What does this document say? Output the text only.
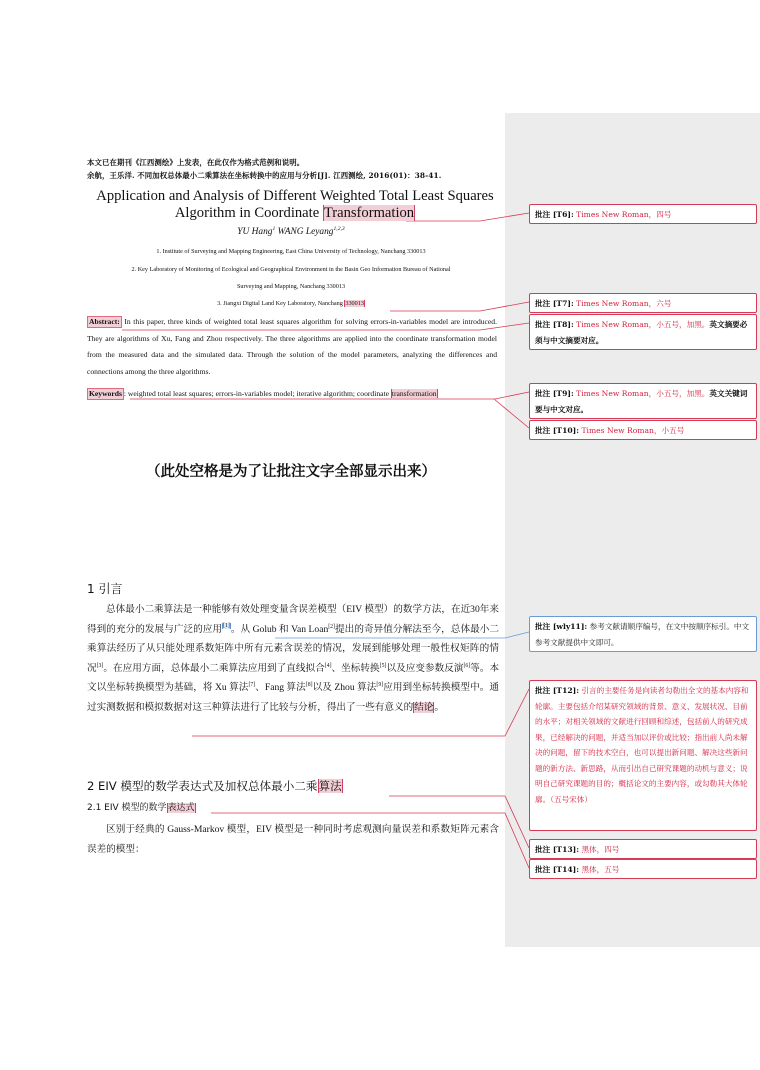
本文已在期刊《江西测绘》上发表，在此仅作为格式范例和说明。
余航，王乐洋. 不同加权总体最小二乘算法在坐标转换中的应用与分析[J]. 江西测绘, 2016(01)：38-41.
Application and Analysis of Different Weighted Total Least Squares
Algorithm in Coordinate Transformation
YU Hang$^1$ WANG Leyang$^{1,2,3}$
1. Institute of Surveying and Mapping Engineering, East China University of Technology, Nanchang 330013
2. Key Laboratory of Monitoring of Ecological and Geographical Environment in the Basin Geo Information Bureau of National
Surveying and Mapping, Nanchang 330013
3. Jiangxi Digital Land Key Laboratory, Nanchang 330013
Abstract: In this paper, three kinds of weighted total least squares algorithm for solving errors-in-variables model are introduced. They are algorithms of Xu, Fang and Zhou respectively. The three algorithms are applied into the coordinate transformation model from the measured data and the simulated data. Through the solution of the model parameters, analyzing the differences and connections among the three algorithms.
Keywords : weighted total least squares; errors-in-variables model; iterative algorithm; coordinate transformation
（此处空格是为了让批注文字全部显示出来）
1 引言
总体最小二乘算法是一种能够有效处理变量含误差模型（EIV 模型）的数学方法，在近30年来得到的充分的发展与广泛的应用[1]。从 Golub 和 Van Loan[2]提出的奇异值分解法至今，总体最小二乘算法经历了从只能处理系数矩阵中所有元素含误差的情况，发展到能够处理一般性权矩阵的情况[3]。在应用方面，总体最小二乘算法应用到了直线拟合[4]、坐标转换[5]以及应变参数反演[6]等。本文以坐标转换模型为基础，将 Xu 算法[7]、Fang 算法[8]以及 Zhou 算法[9]应用到坐标转换模型中。通过实测数据和模拟数据对这三种算法进行了比较与分析，得出了一些有意义的结论。
2 EIV 模型的数学表达式及加权总体最小二乘算法
2.1 EIV 模型的数学表达式
区别于经典的 Gauss-Markov 模型，EIV 模型是一种同时考虑观测向量误差和系数矩阵元素含误差的模型：
批注 [T6]: Times New Roman，四号
批注 [T7]: Times New Roman，六号
批注 [T8]: Times New Roman，小五号，加黑。英文摘要必须与中文摘要对应。
批注 [T9]: Times New Roman，小五号，加黑。英文关键词要与中文对应。
批注 [T10]: Times New Roman，小五号
批注 [wly11]: 参考文献请顺序编号，在文中按顺序标引。中文参考文献提供中文即可。
批注 [T12]: 引言的主要任务是向读者勾勒出全文的基本内容和轮廓。主要包括介绍某研究领域的背景、意义、发展状况、目前的水平；对相关领域的文献进行回顾和综述，包括前人的研究成果，已经解决的问题，并适当加以评价或比较；指出前人尚未解决的问题，留下的技术空白，也可以提出新问题、解决这些新问题的新方法、新思路，从而引出自己研究课题的动机与意义；说明自己研究课题的目的；概括论文的主要内容，或勾勒其大体轮廓。（五号宋体）
批注 [T13]: 黑体，四号
批注 [T14]: 黑体，五号
